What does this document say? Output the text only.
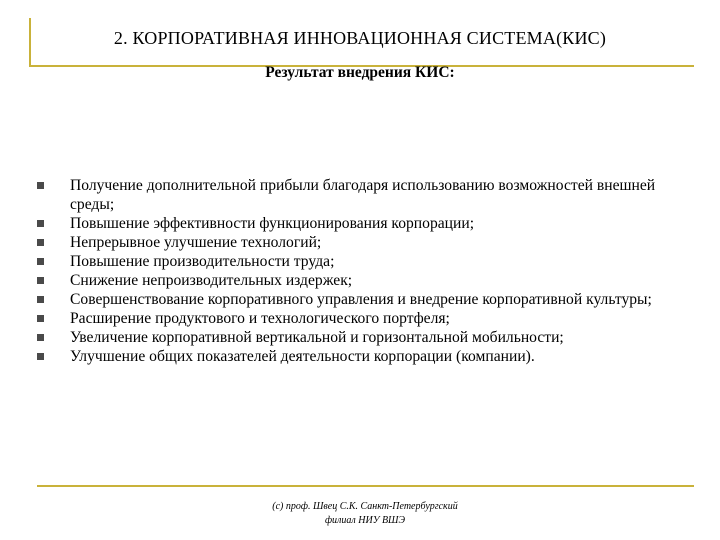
2. КОРПОРАТИВНАЯ ИННОВАЦИОННАЯ СИСТЕМА(КИС)
Результат внедрения КИС:
Получение дополнительной прибыли благодаря использованию возможностей внешней среды;
Повышение эффективности функционирования корпорации;
Непрерывное улучшение технологий;
Повышение производительности труда;
Снижение непроизводительных издержек;
Совершенствование корпоративного управления и внедрение корпоративной культуры;
Расширение продуктового и технологического портфеля;
Увеличение корпоративной вертикальной и горизонтальной мобильности;
Улучшение общих показателей деятельности корпорации (компании).
(с) проф. Швец С.К. Санкт-Петербургский
филиал НИУ ВШЭ
